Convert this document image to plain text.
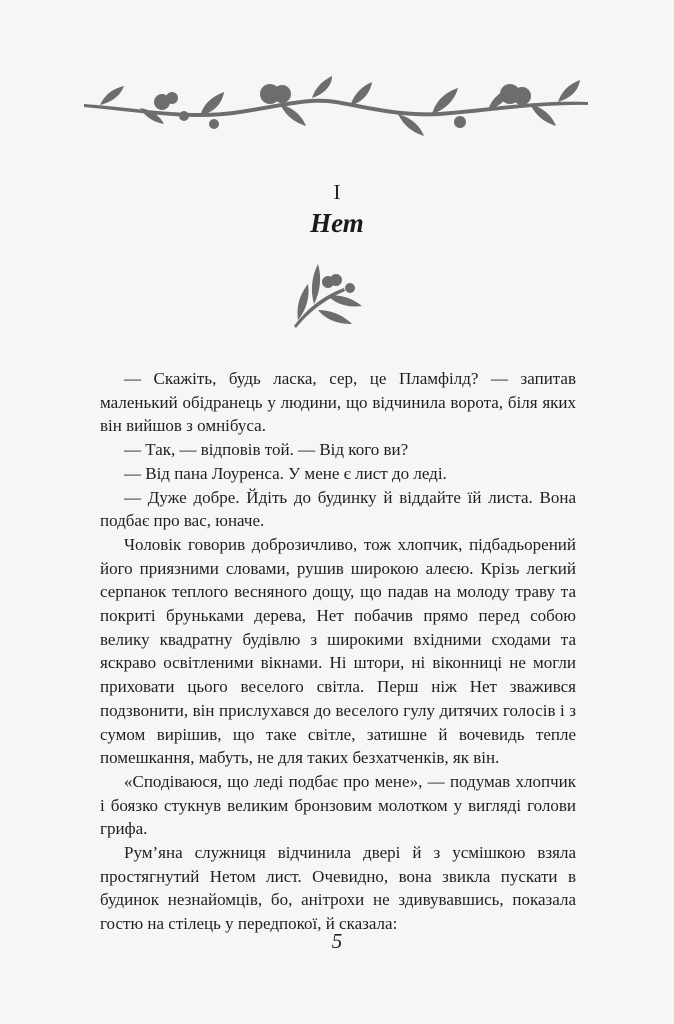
I
Нет

— Скажіть, будь ласка, сер, це Пламфілд? — запитав маленький обідранець у людини, що відчинила ворота, біля яких він вийшов з омнібуса.

— Так, — відповів той. — Від кого ви?

— Від пана Лоуренса. У мене є лист до леді.

— Дуже добре. Йдіть до будинку й віддайте їй листа. Вона подбає про вас, юначе.

Чоловік говорив доброзичливо, тож хлопчик, підбадьорений його приязними словами, рушив широкою алеєю. Крізь легкий серпанок теплого весняного дощу, що падав на молоду траву та покриті бруньками дерева, Нет побачив прямо перед собою велику квадратну будівлю з широкими вхідними сходами та яскраво освітленими вікнами. Ні штори, ні віконниці не могли приховати цього веселого світла. Перш ніж Нет зважився подзвонити, він прислухався до веселого гулу дитячих голосів і з сумом вирішив, що таке світле, затишне й вочевидь тепле помешкання, мабуть, не для таких безхатченків, як він.

«Сподіваюся, що леді подбає про мене», — подумав хлопчик і боязко стукнув великим бронзовим молотком у вигляді голови грифа.

Рум’яна служниця відчинила двері й з усмішкою взяла простягнутий Нетом лист. Очевидно, вона звикла пускати в будинок незнайомців, бо, анітрохи не здивувавшись, показала гостю на стілець у передпокої, й сказала:

5
